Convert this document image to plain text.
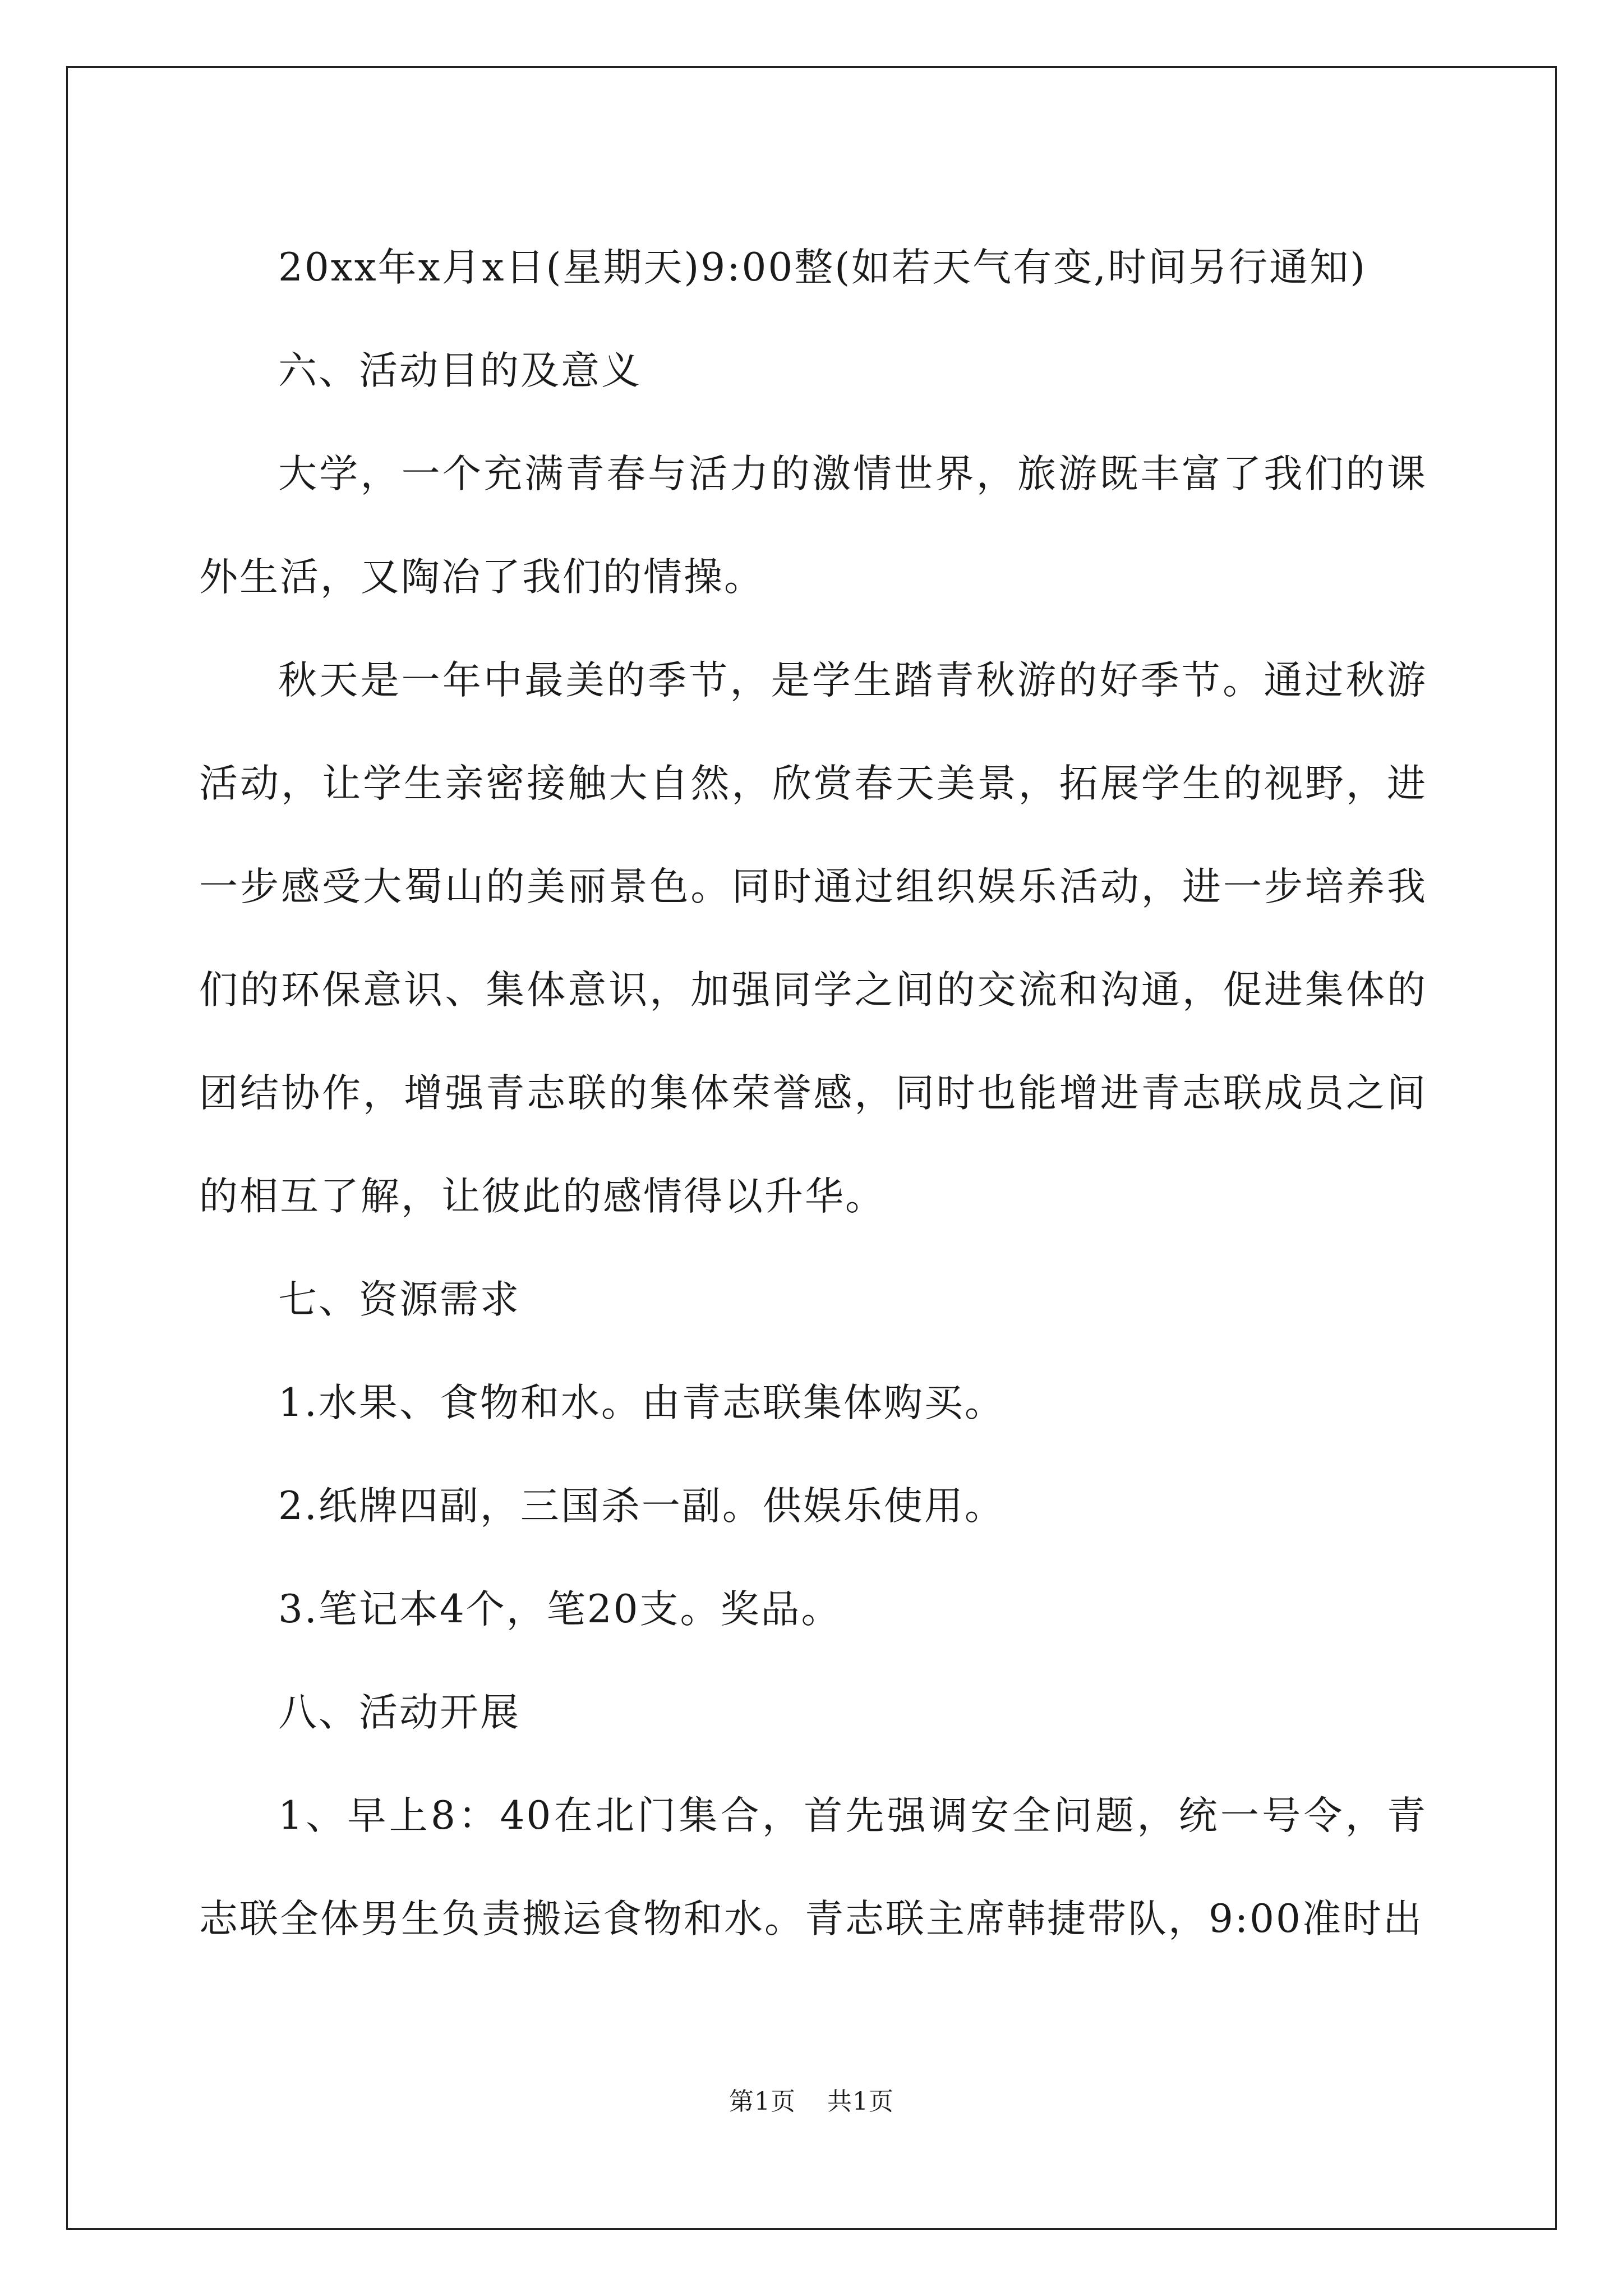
20xx年x月x日(星期天)9:00整(如若天气有变,时间另行通知)

六、活动目的及意义

大学，一个充满青春与活力的激情世界，旅游既丰富了我们的课外生活，又陶冶了我们的情操。

秋天是一年中最美的季节，是学生踏青秋游的好季节。通过秋游活动，让学生亲密接触大自然，欣赏春天美景，拓展学生的视野，进一步感受大蜀山的美丽景色。同时通过组织娱乐活动，进一步培养我们的环保意识、集体意识，加强同学之间的交流和沟通，促进集体的团结协作，增强青志联的集体荣誉感，同时也能增进青志联成员之间的相互了解，让彼此的感情得以升华。

七、资源需求

1.水果、食物和水。由青志联集体购买。

2.纸牌四副，三国杀一副。供娱乐使用。

3.笔记本4个，笔20支。奖品。

八、活动开展

1、早上8：40在北门集合，首先强调安全问题，统一号令，青志联全体男生负责搬运食物和水。青志联主席韩捷带队，9:00准时出

第1页 共1页
